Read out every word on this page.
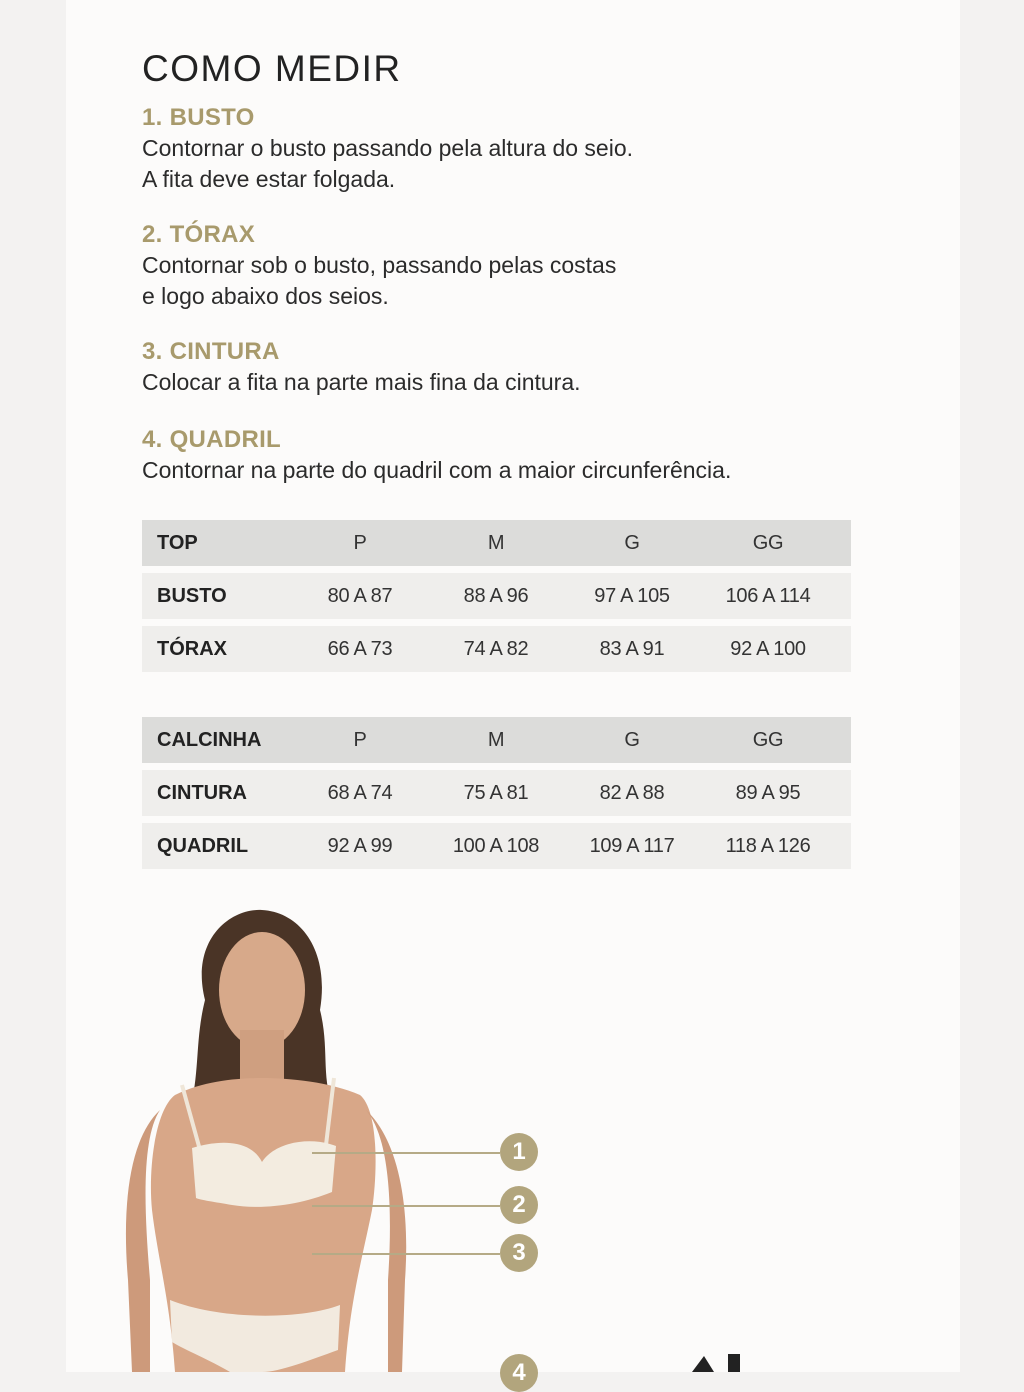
COMO MEDIR
1. BUSTO
Contornar o busto passando pela altura do seio.
A fita deve estar folgada.
2. TÓRAX
Contornar sob o busto, passando pelas costas
e logo abaixo dos seios.
3. CINTURA
Colocar a fita na parte mais fina da cintura.
4. QUADRIL
Contornar na parte do quadril com a maior circunferência.
TOP	P	M	G	GG
BUSTO	80 A 87	88 A 96	97 A 105	106 A 114
TÓRAX	66 A 73	74 A 82	83 A 91	92 A 100
CALCINHA	P	M	G	GG
CINTURA	68 A 74	75 A 81	82 A 88	89 A 95
QUADRIL	92 A 99	100 A 108	109 A 117	118 A 126
1
2
3
4
